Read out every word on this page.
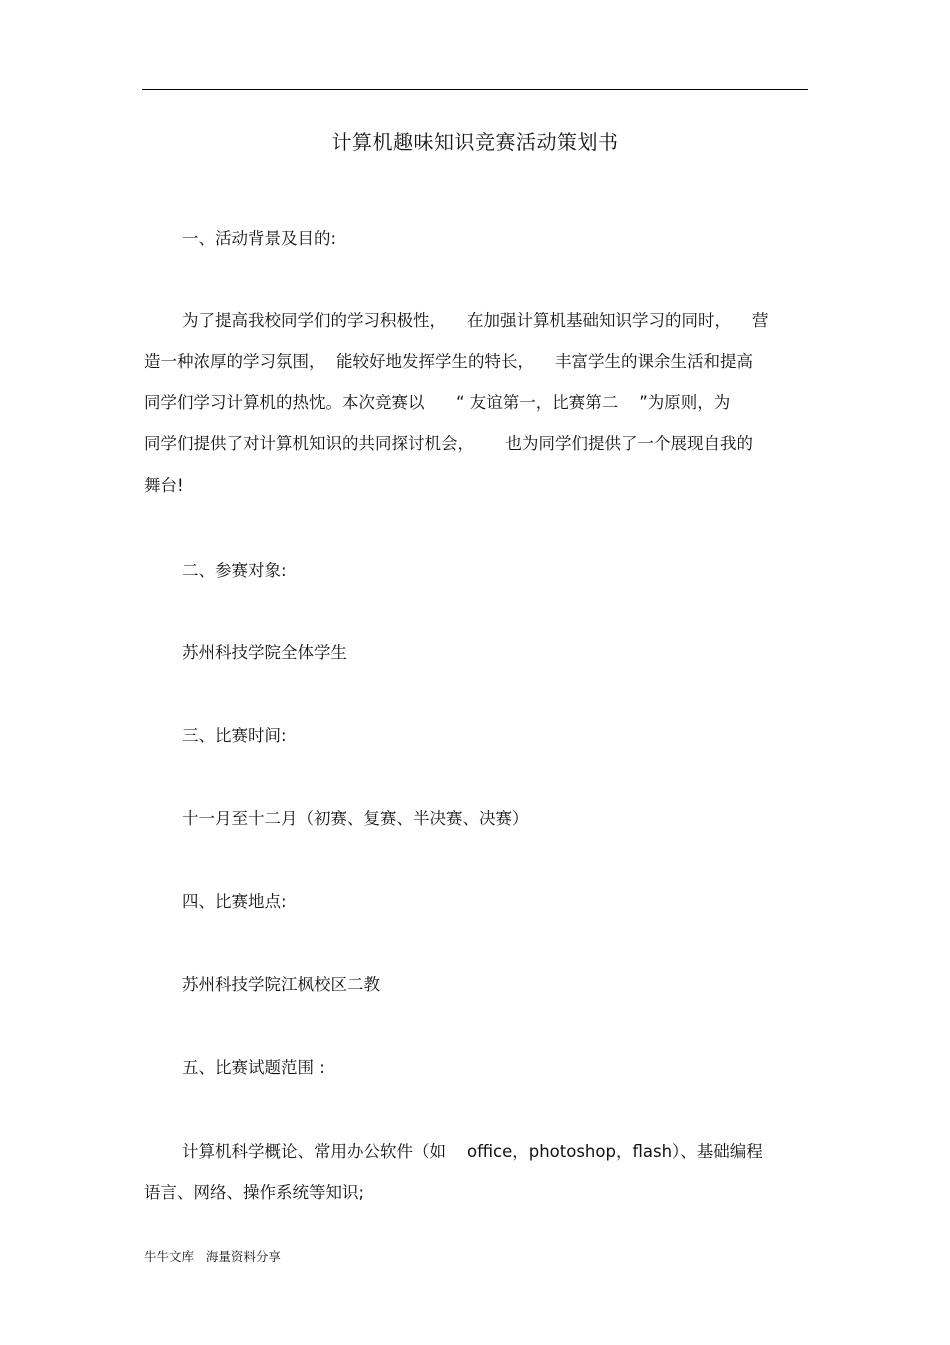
计算机趣味知识竞赛活动策划书
一、活动背景及目的:
为了提高我校同学们的学习积极性，    在加强计算机基础知识学习的同时，    营
造一种浓厚的学习氛围，  能较好地发挥学生的特长，    丰富学生的课余生活和提高
同学们学习计算机的热忱。本次竞赛以      “ 友谊第一，比赛第二    ”为原则，为
同学们提供了对计算机知识的共同探讨机会，      也为同学们提供了一个展现自我的
舞台!
二、参赛对象:
苏州科技学院全体学生
三、比赛时间:
十一月至十二月（初赛、复赛、半决赛、决赛）
四、比赛地点:
苏州科技学院江枫校区二教
五、比赛试题范围 :
计算机科学概论、常用办公软件（如    office，photoshop，flash）、基础编程
语言、网络、操作系统等知识;
牛牛文库   海量资料分享
